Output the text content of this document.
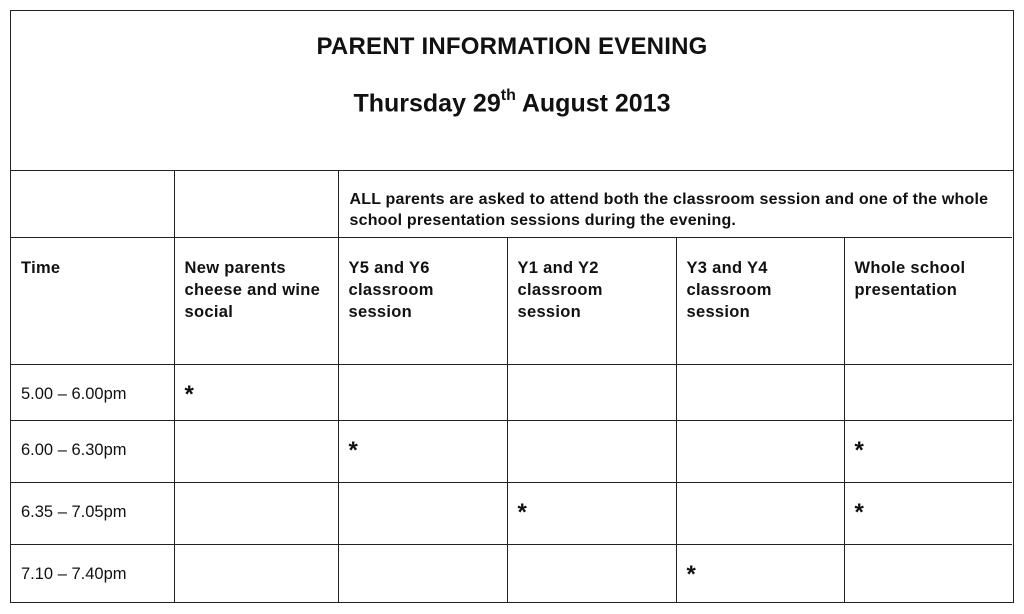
PARENT INFORMATION EVENING
Thursday 29th August 2013

		ALL parents are asked to attend both the classroom session and one of the whole school presentation sessions during the evening.			

Time	New parents cheese and wine social	Y5 and Y6 classroom session	Y1 and Y2 classroom session	Y3 and Y4 classroom session	Whole school presentation

5.00 – 6.00pm	*				

6.00 – 6.30pm		*			*

6.35 – 7.05pm			*		*

7.10 – 7.40pm				*	
